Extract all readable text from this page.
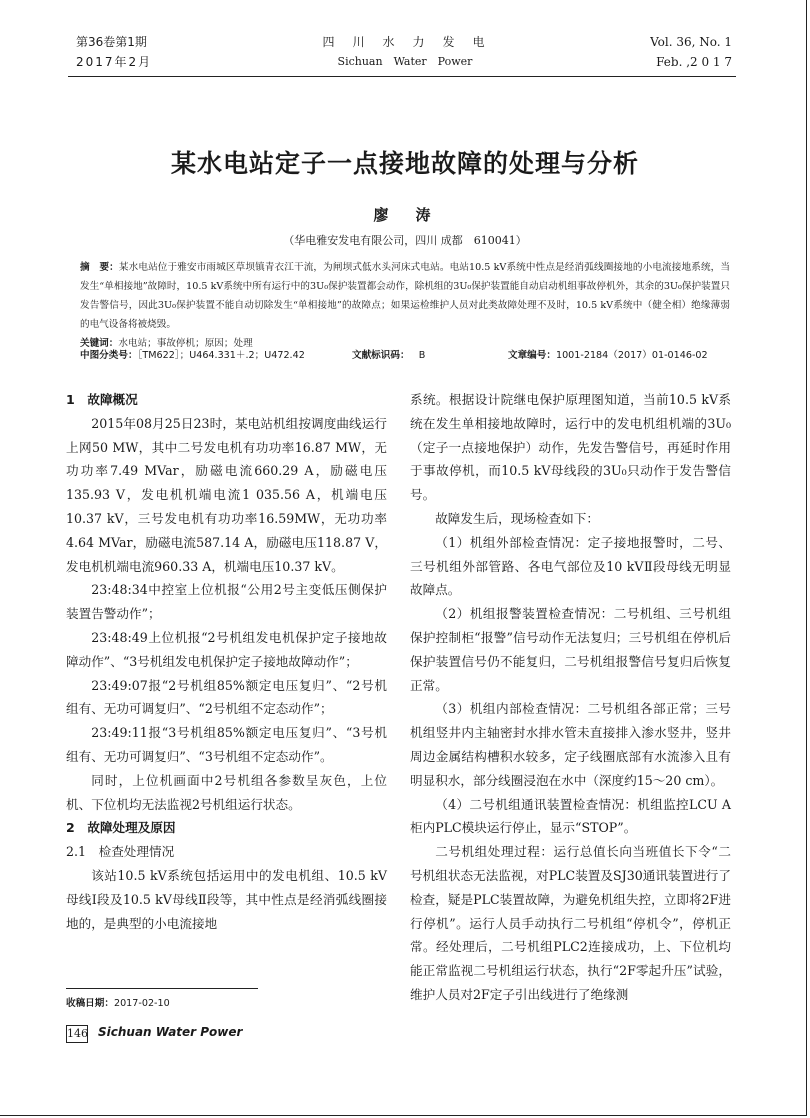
第36卷第1期
2017年2月
四　川　水　力　发　电
Sichuan　Water　Power
Vol. 36, No. 1
Feb. ,2 0 1 7
某水电站定子一点接地故障的处理与分析
廖　涛
（华电雅安发电有限公司，四川 成都　610041）

摘　要：某水电站位于雅安市雨城区草坝镇青衣江干流，为闸坝式低水头河床式电站。电站10.5 kV系统中性点是经消弧线圈接地的小电流接地系统，当发生“单相接地”故障时，10.5 kV系统中所有运行中的3U₀保护装置都会动作，除机组的3U₀保护装置能自动启动机组事故停机外，其余的3U₀保护装置只发告警信号，因此3U₀保护装置不能自动切除发生“单相接地”的故障点；如果运检维护人员对此类故障处理不及时，10.5 kV系统中（健全相）绝缘薄弱的电气设备将被烧毁。

关键词：水电站；事故停机；原因；处理

中图分类号：［TM622］；U464.331＋.2；U472.42	文献标识码： B	文章编号：1001-2184（2017）01-0146-02

1　故障概况

2015年08月25日23时，某电站机组按调度曲线运行上网50 MW，其中二号发电机有功功率16.87 MW，无功功率7.49 MVar，励磁电流660.29 A，励磁电压135.93 V，发电机机端电流1 035.56 A，机端电压10.37 kV，三号发电机有功功率16.59MW，无功功率4.64 MVar，励磁电流587.14 A，励磁电压118.87 V，发电机机端电流960.33 A，机端电压10.37 kV。

23:48:34中控室上位机报“公用2号主变低压侧保护装置告警动作”；

23:48:49上位机报“2号机组发电机保护定子接地故障动作”、“3号机组发电机保护定子接地故障动作”；

23:49:07报“2号机组85%额定电压复归”、“2号机组有、无功可调复归”、“2号机组不定态动作”；

23:49:11报“3号机组85%额定电压复归”、“3号机组有、无功可调复归”、“3号机组不定态动作”。

同时，上位机画面中2号机组各参数呈灰色，上位机、下位机均无法监视2号机组运行状态。

2　故障处理及原因

2.1　检查处理情况

该站10.5 kV系统包括运用中的发电机组、10.5 kV母线Ⅰ段及10.5 kV母线Ⅱ段等，其中性点是经消弧线圈接地的，是典型的小电流接地

系统。根据设计院继电保护原理图知道，当前10.5 kV系统在发生单相接地故障时，运行中的发电机组机端的3U₀（定子一点接地保护）动作，先发告警信号，再延时作用于事故停机，而10.5 kV母线段的3U₀只动作于发告警信号。

故障发生后，现场检查如下：

（1）机组外部检查情况：定子接地报警时，二号、三号机组外部管路、各电气部位及10 kVⅡ段母线无明显故障点。

（2）机组报警装置检查情况：二号机组、三号机组保护控制柜“报警”信号动作无法复归；三号机组在停机后保护装置信号仍不能复归，二号机组报警信号复归后恢复正常。

（3）机组内部检查情况：二号机组各部正常；三号机组竖井内主轴密封水排水管未直接排入渗水竖井，竖井周边金属结构槽积水较多，定子线圈底部有水流渗入且有明显积水，部分线圈浸泡在水中（深度约15～20 cm）。

（4）二号机组通讯装置检查情况：机组监控LCU A柜内PLC模块运行停止，显示“STOP”。

二号机组处理过程：运行总值长向当班值长下令“二号机组状态无法监视，对PLC装置及SJ30通讯装置进行了检查，疑是PLC装置故障，为避免机组失控，立即将2F进行停机”。运行人员手动执行二号机组“停机令”，停机正常。经处理后，二号机组PLC2连接成功，上、下位机均能正常监视二号机组运行状态，执行“2F零起升压”试验，维护人员对2F定子引出线进行了绝缘测

收稿日期：2017-02-10
146 Sichuan Water Power
